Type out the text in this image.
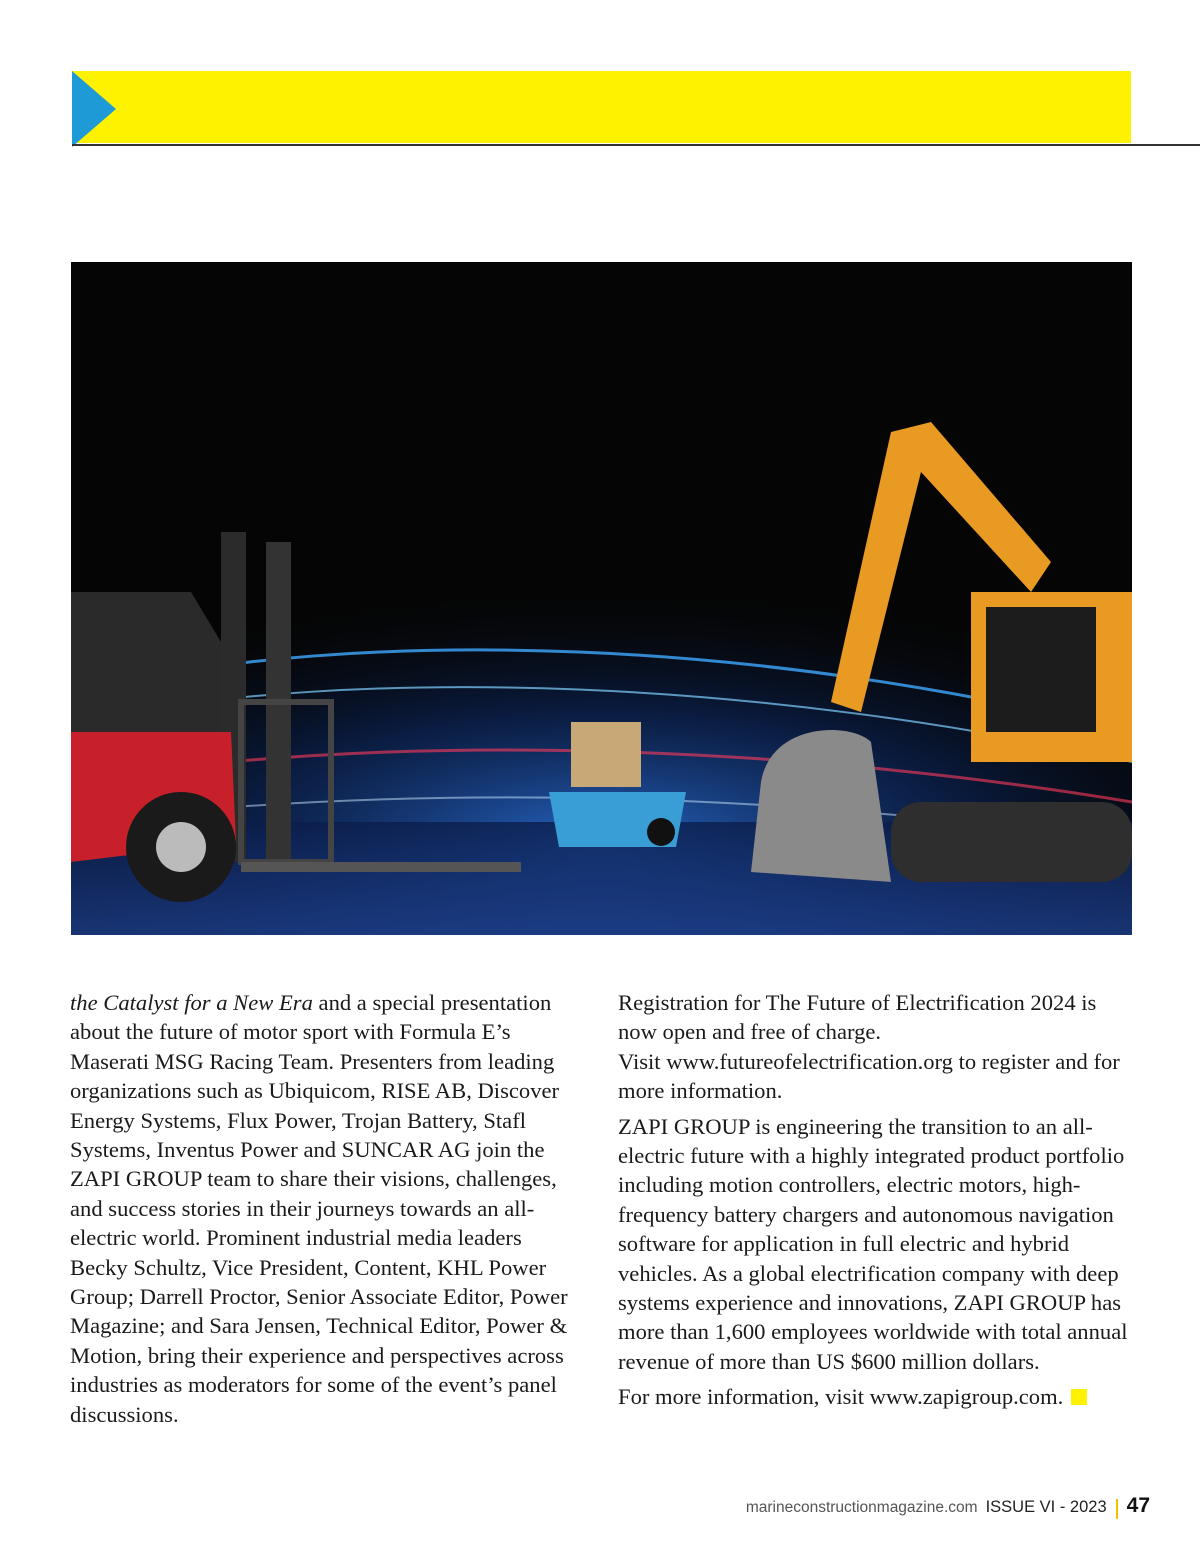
the Catalyst for a New Era and a special presentation about the future of motor sport with Formula E’s Maserati MSG Racing Team. Presenters from leading organizations such as Ubiquicom, RISE AB, Discover Energy Systems, Flux Power, Trojan Battery, Stafl Systems, Inventus Power and SUNCAR AG join the ZAPI GROUP team to share their visions, challenges, and success stories in their journeys towards an all-electric world. Prominent industrial media leaders Becky Schultz, Vice President, Content, KHL Power Group; Darrell Proctor, Senior Associate Editor, Power Magazine; and Sara Jensen, Technical Editor, Power & Motion, bring their experience and perspectives across industries as moderators for some of the event’s panel discussions.

Registration for The Future of Electrification 2024 is now open and free of charge.
Visit www.futureofelectrification.org to register and for more information.

ZAPI GROUP is engineering the transition to an all-electric future with a highly integrated product portfolio including motion controllers, electric motors, high-frequency battery chargers and autonomous navigation software for application in full electric and hybrid vehicles. As a global electrification company with deep systems experience and innovations, ZAPI GROUP has more than 1,600 employees worldwide with total annual revenue of more than US $600 million dollars.

For more information, visit www.zapigroup.com.

marineconstructionmagazine.com ISSUE VI - 2023 47
